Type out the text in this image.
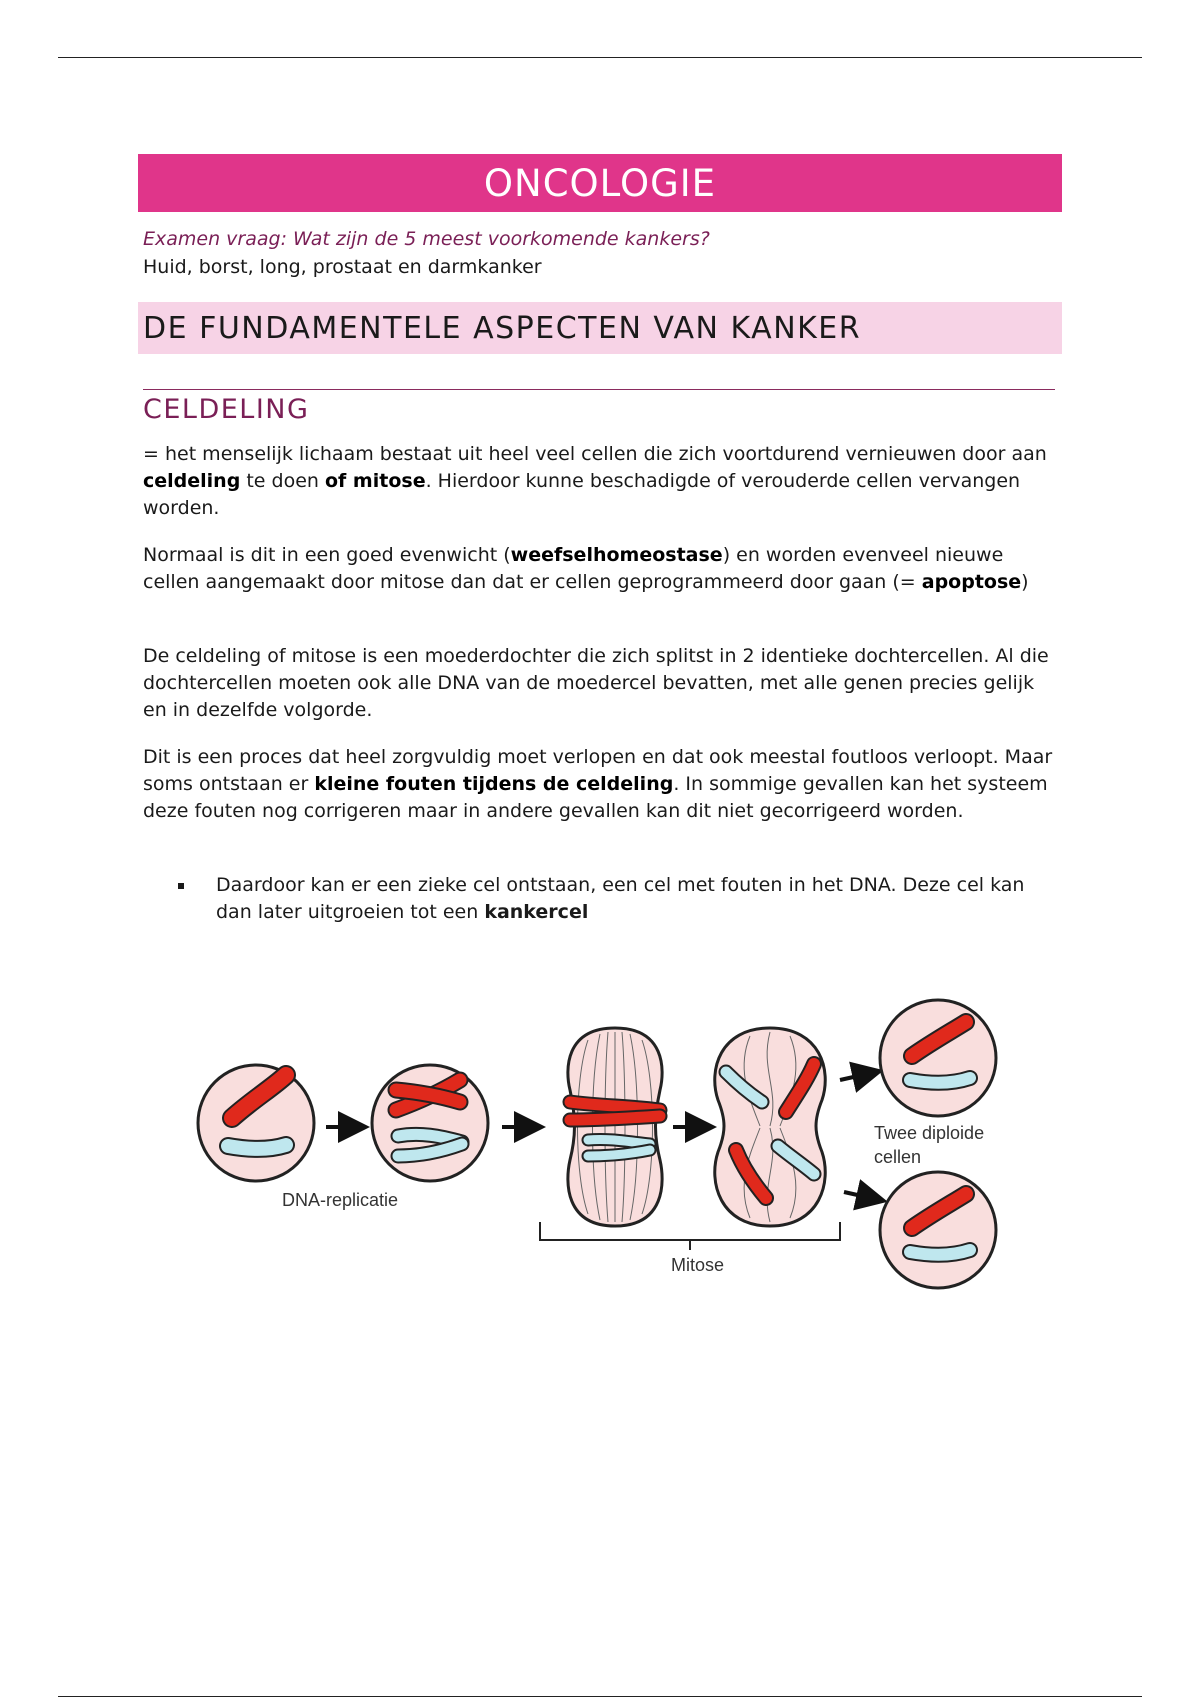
ONCOLOGIE
Examen vraag: Wat zijn de 5 meest voorkomende kankers?
Huid, borst, long, prostaat en darmkanker
DE FUNDAMENTELE ASPECTEN VAN KANKER
CELDELING
= het menselijk lichaam bestaat uit heel veel cellen die zich voortdurend vernieuwen door aan celdeling te doen of mitose. Hierdoor kunne beschadigde of verouderde cellen vervangen worden.
Normaal is dit in een goed evenwicht (weefselhomeostase) en worden evenveel nieuwe cellen aangemaakt door mitose dan dat er cellen geprogrammeerd door gaan (= apoptose)
De celdeling of mitose is een moederdochter die zich splitst in 2 identieke dochtercellen. Al die dochtercellen moeten ook alle DNA van de moedercel bevatten, met alle genen precies gelijk en in dezelfde volgorde.
Dit is een proces dat heel zorgvuldig moet verlopen en dat ook meestal foutloos verloopt. Maar soms ontstaan er kleine fouten tijdens de celdeling. In sommige gevallen kan het systeem deze fouten nog corrigeren maar in andere gevallen kan dit niet gecorrigeerd worden.
Daardoor kan er een zieke cel ontstaan, een cel met fouten in het DNA. Deze cel kan dan later uitgroeien tot een kankercel
DNA-replicatie
Mitose
Twee diploide
cellen
